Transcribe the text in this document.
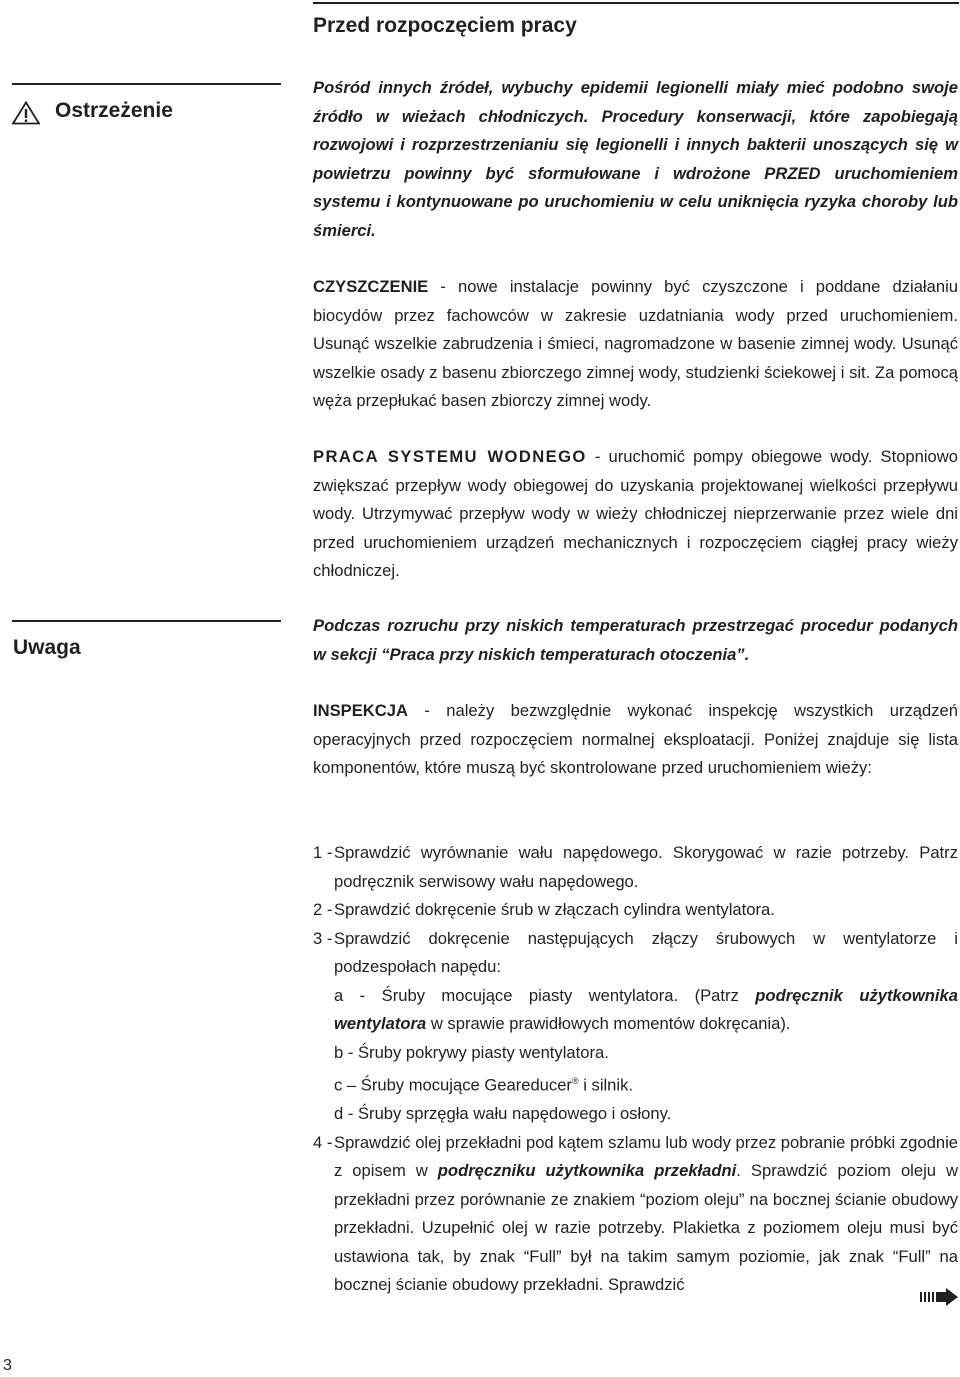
Przed rozpoczęciem pracy
Ostrzeżenie
Pośród innych źródeł, wybuchy epidemii legionelli miały mieć podobno swoje źródło w wieżach chłodniczych. Procedury konserwacji, które zapobiegają rozwojowi i rozprzestrzenianiu się legionelli i innych bakterii unoszących się w powietrzu powinny być sformułowane i wdrożone PRZED uruchomieniem systemu i kontynuowane po uruchomieniu w celu uniknięcia ryzyka choroby lub śmierci.
CZYSZCZENIE - nowe instalacje powinny być czyszczone i poddane działaniu biocydów przez fachowców w zakresie uzdatniania wody przed uruchomieniem. Usunąć wszelkie zabrudzenia i śmieci, nagromadzone w basenie zimnej wody. Usunąć wszelkie osady z basenu zbiorczego zimnej wody, studzienki ściekowej i sit. Za pomocą węża przepłukać basen zbiorczy zimnej wody.
PRACA SYSTEMU WODNEGO - uruchomić pompy obiegowe wody. Stopniowo zwiększać przepływ wody obiegowej do uzyskania projektowanej wielkości przepływu wody. Utrzymywać przepływ wody w wieży chłodniczej nieprzerwanie przez wiele dni przed uruchomieniem urządzeń mechanicznych i rozpoczęciem ciągłej pracy wieży chłodniczej.
Uwaga
Podczas rozruchu przy niskich temperaturach przestrzegać procedur podanych w sekcji “Praca przy niskich temperaturach otoczenia”.
INSPEKCJA - należy bezwzględnie wykonać inspekcję wszystkich urządzeń operacyjnych przed rozpoczęciem normalnej eksploatacji. Poniżej znajduje się lista komponentów, które muszą być skontrolowane przed uruchomieniem wieży:
1 - Sprawdzić wyrównanie wału napędowego. Skorygować w razie potrzeby. Patrz podręcznik serwisowy wału napędowego.
2 - Sprawdzić dokręcenie śrub w złączach cylindra wentylatora.
3 - Sprawdzić dokręcenie następujących złączy śrubowych w wentylatorze i podzespołach napędu:
a - Śruby mocujące piasty wentylatora. (Patrz podręcznik użytkownika wentylatora w sprawie prawidłowych momentów dokręcania).
b - Śruby pokrywy piasty wentylatora.
c – Śruby mocujące Geareducer® i silnik.
d - Śruby sprzęgła wału napędowego i osłony.
4 - Sprawdzić olej przekładni pod kątem szlamu lub wody przez pobranie próbki zgodnie z opisem w podręczniku użytkownika przekładni. Sprawdzić poziom oleju w przekładni przez porównanie ze znakiem “poziom oleju” na bocznej ścianie obudowy przekładni. Uzupełnić olej w razie potrzeby. Plakietka z poziomem oleju musi być ustawiona tak, by znak “Full” był na takim samym poziomie, jak znak “Full” na bocznej ścianie obudowy przekładni. Sprawdzić
3
